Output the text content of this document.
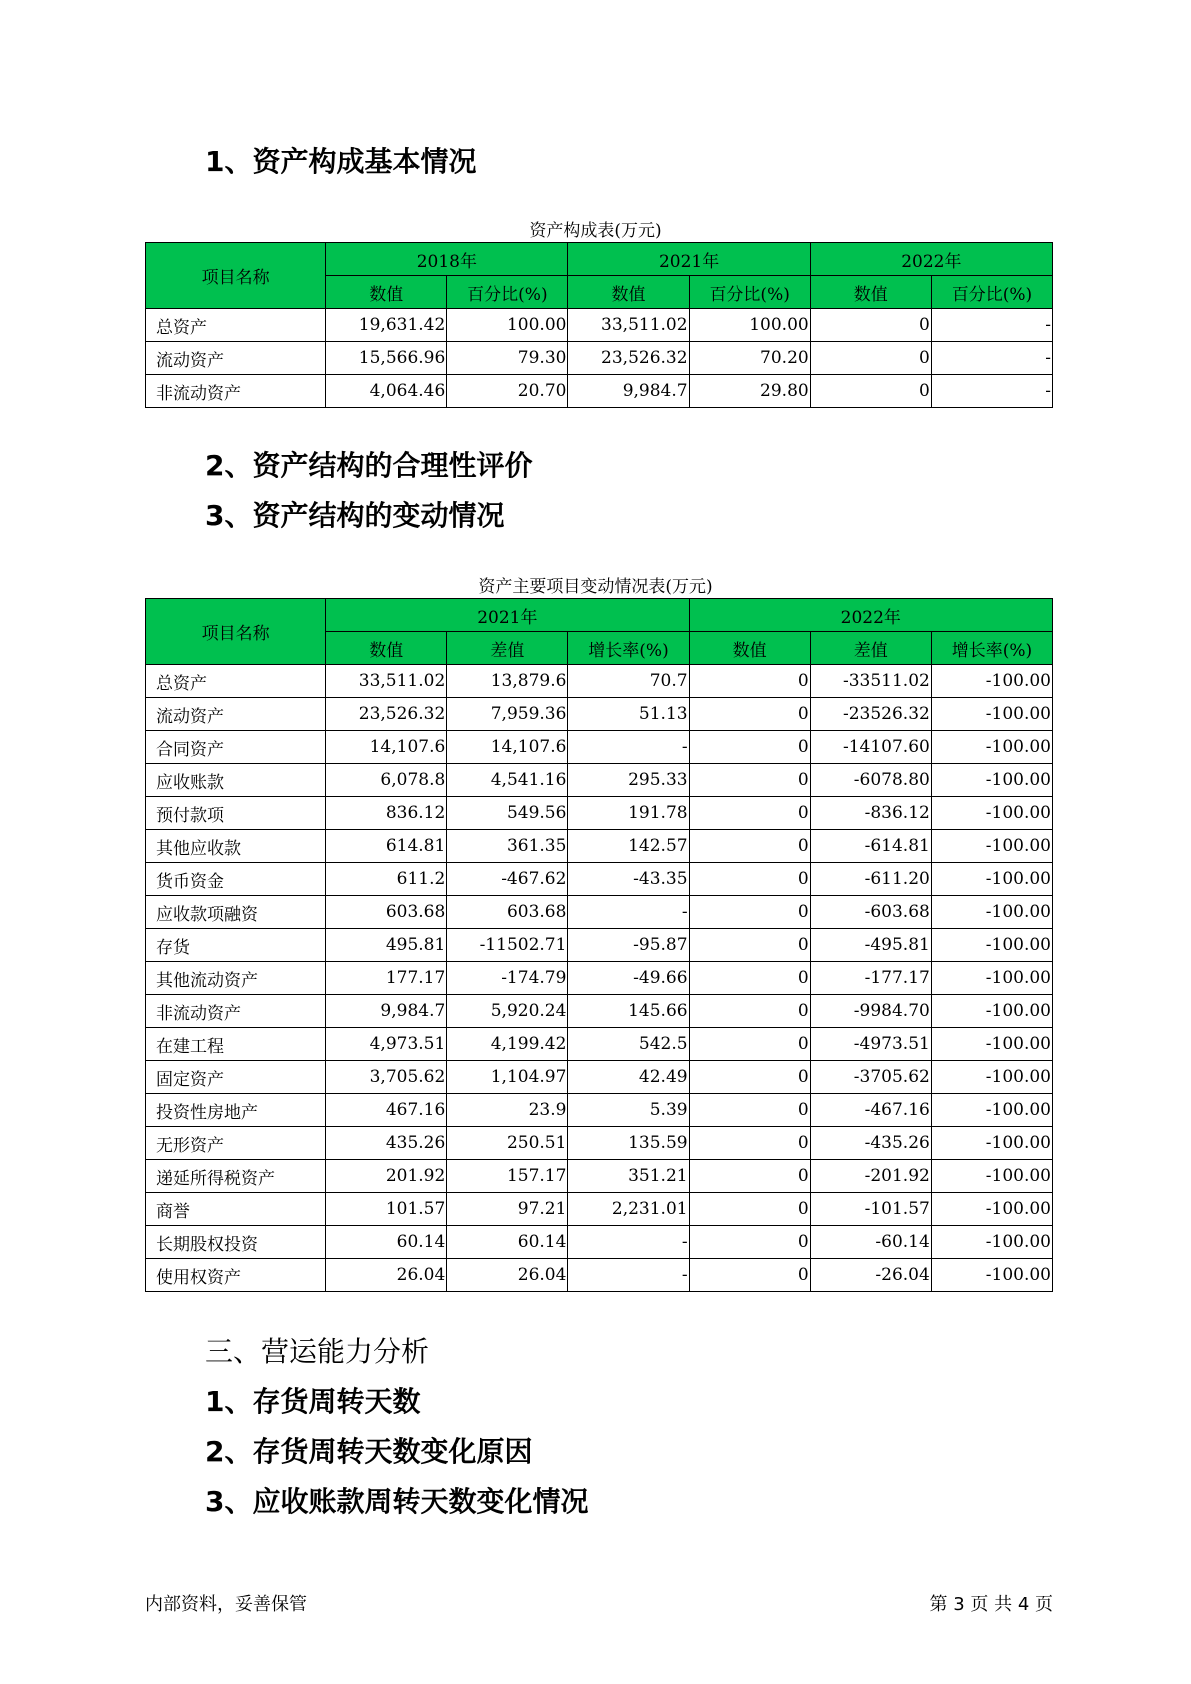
1、资产构成基本情况

资产构成表(万元)

项目名称	2018年		2021年		2022年	
	数值	百分比(%)	数值	百分比(%)	数值	百分比(%)
总资产	19,631.42	100.00	33,511.02	100.00	0	-
流动资产	15,566.96	79.30	23,526.32	70.20	0	-
非流动资产	4,064.46	20.70	9,984.7	29.80	0	-
2、资产结构的合理性评价
3、资产结构的变动情况

资产主要项目变动情况表(万元)

项目名称	2021年			2022年		
	数值	差值	增长率(%)	数值	差值	增长率(%)
总资产	33,511.02	13,879.6	70.7	0	-33511.02	-100.00
流动资产	23,526.32	7,959.36	51.13	0	-23526.32	-100.00
合同资产	14,107.6	14,107.6	-	0	-14107.60	-100.00
应收账款	6,078.8	4,541.16	295.33	0	-6078.80	-100.00
预付款项	836.12	549.56	191.78	0	-836.12	-100.00
其他应收款	614.81	361.35	142.57	0	-614.81	-100.00
货币资金	611.2	-467.62	-43.35	0	-611.20	-100.00
应收款项融资	603.68	603.68	-	0	-603.68	-100.00
存货	495.81	-11502.71	-95.87	0	-495.81	-100.00
其他流动资产	177.17	-174.79	-49.66	0	-177.17	-100.00
非流动资产	9,984.7	5,920.24	145.66	0	-9984.70	-100.00
在建工程	4,973.51	4,199.42	542.5	0	-4973.51	-100.00
固定资产	3,705.62	1,104.97	42.49	0	-3705.62	-100.00
投资性房地产	467.16	23.9	5.39	0	-467.16	-100.00
无形资产	435.26	250.51	135.59	0	-435.26	-100.00
递延所得税资产	201.92	157.17	351.21	0	-201.92	-100.00
商誉	101.57	97.21	2,231.01	0	-101.57	-100.00
长期股权投资	60.14	60.14	-	0	-60.14	-100.00
使用权资产	26.04	26.04	-	0	-26.04	-100.00
三、营运能力分析
1、存货周转天数
2、存货周转天数变化原因
3、应收账款周转天数变化情况
内部资料，妥善保管	第 3 页 共 4 页
